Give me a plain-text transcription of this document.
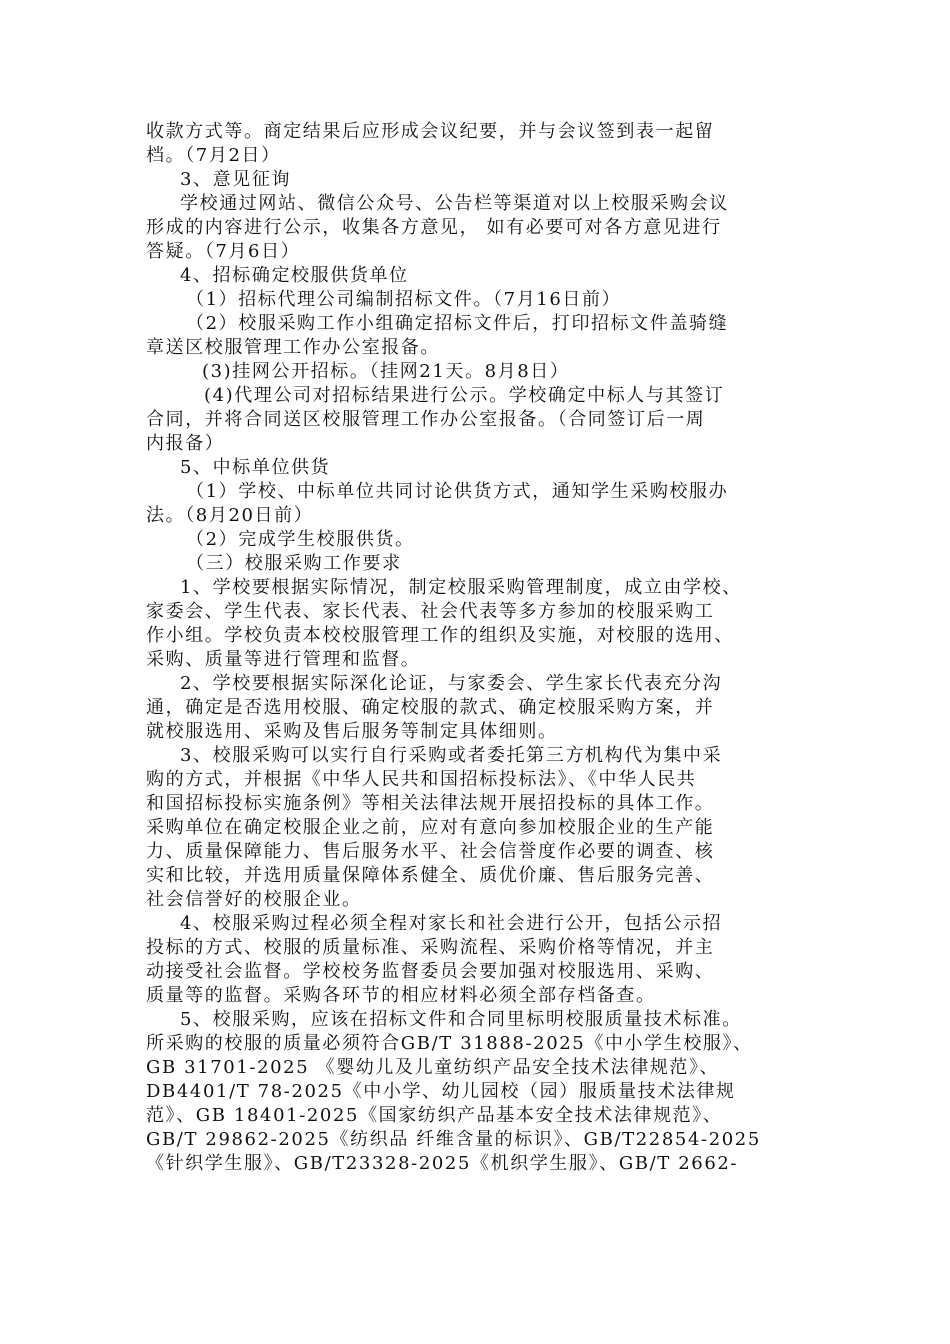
收款方式等。商定结果后应形成会议纪要，并与会议签到表一起留
档。（7月2日）
3、意见征询
学校通过网站、微信公众号、公告栏等渠道对以上校服采购会议
形成的内容进行公示，收集各方意见， 如有必要可对各方意见进行
答疑。（7月6日）
4、招标确定校服供货单位
（1）招标代理公司编制招标文件。（7月16日前）
（2）校服采购工作小组确定招标文件后，打印招标文件盖骑缝
章送区校服管理工作办公室报备。
(3)挂网公开招标。（挂网21天。8月8日）
(4)代理公司对招标结果进行公示。学校确定中标人与其签订
合同，并将合同送区校服管理工作办公室报备。（合同签订后一周
内报备）
5、中标单位供货
（1）学校、中标单位共同讨论供货方式，通知学生采购校服办
法。（8月20日前）
（2）完成学生校服供货。
（三）校服采购工作要求
1、学校要根据实际情况，制定校服采购管理制度，成立由学校、
家委会、学生代表、家长代表、社会代表等多方参加的校服采购工
作小组。学校负责本校校服管理工作的组织及实施，对校服的选用、
采购、质量等进行管理和监督。
2、学校要根据实际深化论证，与家委会、学生家长代表充分沟
通，确定是否选用校服、确定校服的款式、确定校服采购方案，并
就校服选用、采购及售后服务等制定具体细则。
3、校服采购可以实行自行采购或者委托第三方机构代为集中采
购的方式，并根据《中华人民共和国招标投标法》、《中华人民共
和国招标投标实施条例》等相关法律法规开展招投标的具体工作。
采购单位在确定校服企业之前，应对有意向参加校服企业的生产能
力、质量保障能力、售后服务水平、社会信誉度作必要的调查、核
实和比较，并选用质量保障体系健全、质优价廉、售后服务完善、
社会信誉好的校服企业。
4、校服采购过程必须全程对家长和社会进行公开，包括公示招
投标的方式、校服的质量标准、采购流程、采购价格等情况，并主
动接受社会监督。学校校务监督委员会要加强对校服选用、采购、
质量等的监督。采购各环节的相应材料必须全部存档备查。
5、校服采购，应该在招标文件和合同里标明校服质量技术标准。
所采购的校服的质量必须符合GB/T 31888-2025《中小学生校服》、
GB 31701-2025 《婴幼儿及儿童纺织产品安全技术法律规范》、
DB4401/T 78-2025《中小学、幼儿园校（园）服质量技术法律规
范》、GB 18401-2025《国家纺织产品基本安全技术法律规范》、
GB/T 29862-2025《纺织品 纤维含量的标识》、GB/T22854-2025
《针织学生服》、GB/T23328-2025《机织学生服》、GB/T 2662-
